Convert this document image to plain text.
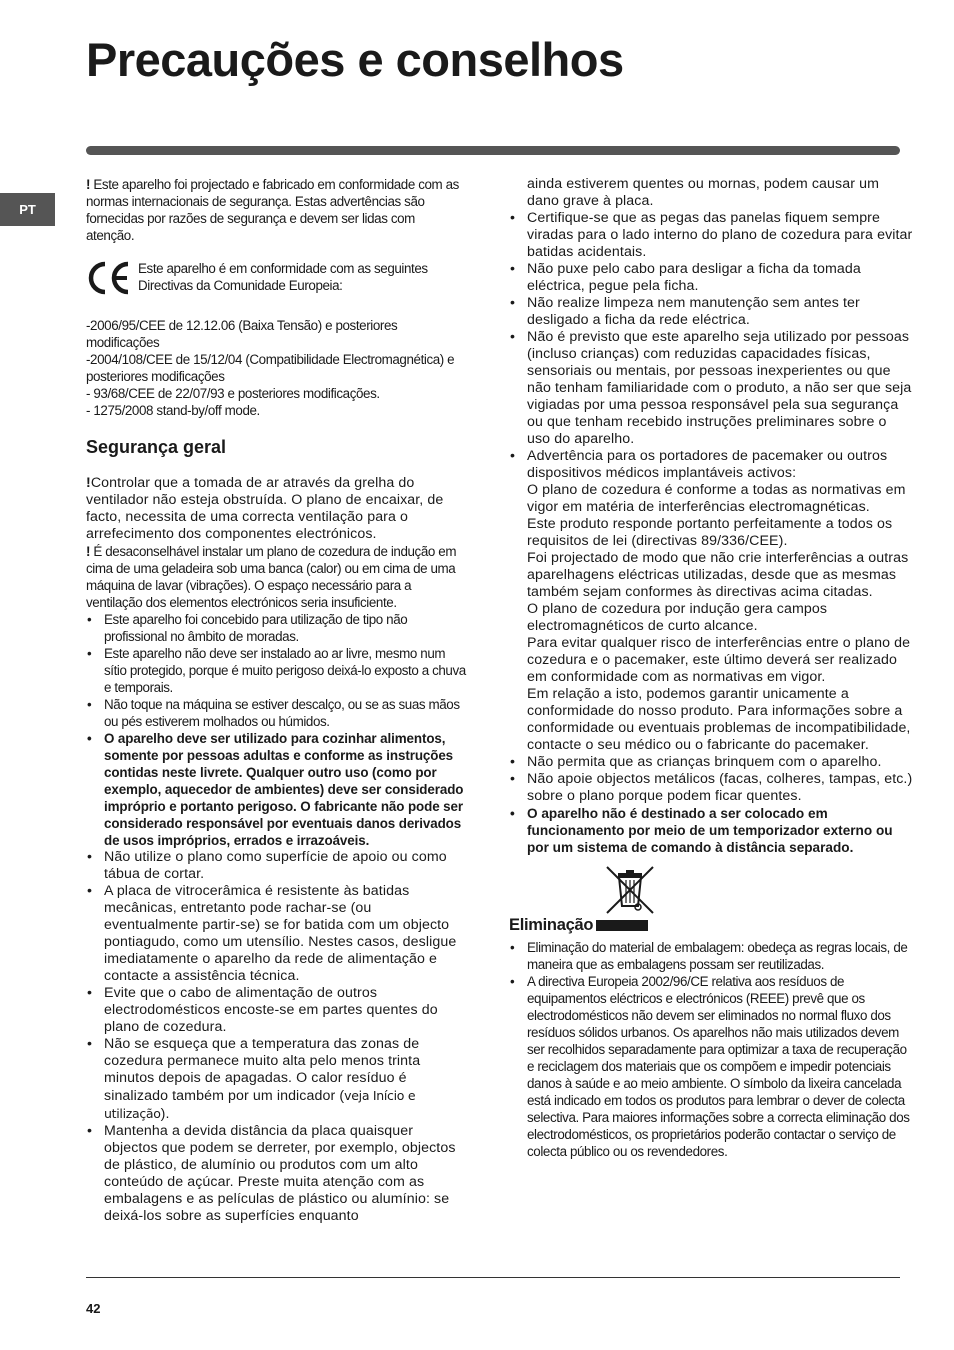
Precauções e conselhos
PT

! Este aparelho foi projectado e fabricado em conformidade com as normas internacionais de segurança. Estas advertências são fornecidas por razões de segurança e devem ser lidas com atenção.

Este aparelho é em conformidade com as seguintes Directivas da Comunidade Europeia:

-2006/95/CEE de 12.12.06 (Baixa Tensão) e posteriores modificações

-2004/108/CEE de 15/12/04 (Compatibilidade Electromagnética) e posteriores modificações

- 93/68/CEE de 22/07/93 e posteriores modificações.

- 1275/2008 stand-by/off mode.

Segurança geral

!Controlar que a tomada de ar através da grelha do ventilador não esteja obstruída. O plano de encaixar, de facto, necessita de uma correcta ventilação para o arrefecimento dos componentes electrónicos.

! É desaconselhável instalar um plano de cozedura de indução em cima de uma geladeira sob uma banca (calor) ou em cima de uma máquina de lavar (vibrações). O espaço necessário para a ventilação dos elementos electrónicos seria insuficiente.

• Este aparelho foi concebido para utilização de tipo não profissional no âmbito de moradas.
• Este aparelho não deve ser instalado ao ar livre, mesmo num sítio protegido, porque é muito perigoso deixá-lo exposto a chuva e temporais.
• Não toque na máquina se estiver descalço, ou se as suas mãos ou pés estiverem molhados ou húmidos.
• O aparelho deve ser utilizado para cozinhar alimentos, somente por pessoas adultas e conforme as instruções contidas neste livrete. Qualquer outro uso (como por exemplo, aquecedor de ambientes) deve ser considerado impróprio e portanto perigoso. O fabricante não pode ser considerado responsável por eventuais danos derivados de usos impróprios, errados e irrazoáveis.
• Não utilize o plano como superfície de apoio ou como tábua de cortar.
• A placa de vitrocerâmica é resistente às batidas mecânicas, entretanto pode rachar-se (ou eventualmente partir-se) se for batida com um objecto pontiagudo, como um utensílio. Nestes casos, desligue imediatamente o aparelho da rede de alimentação e contacte a assistência técnica.
• Evite que o cabo de alimentação de outros electrodomésticos encoste-se em partes quentes do plano de cozedura.
• Não se esqueça que a temperatura das zonas de cozedura permanece muito alta pelo menos trinta minutos depois de apagadas. O calor resíduo é sinalizado também por um indicador (veja Início e utilização).
• Mantenha a devida distância da placa quaisquer objectos que podem se derreter, por exemplo, objectos de plástico, de alumínio ou produtos com um alto conteúdo de açúcar. Preste muita atenção com as embalagens e as películas de plástico ou alumínio: se deixá-los sobre as superfícies enquanto

ainda estiverem quentes ou mornas, podem causar um dano grave à placa.

• Certifique-se que as pegas das panelas fiquem sempre viradas para o lado interno do plano de cozedura para evitar batidas acidentais.
• Não puxe pelo cabo para desligar a ficha da tomada eléctrica, pegue pela ficha.
• Não realize limpeza nem manutenção sem antes ter desligado a ficha da rede eléctrica.
• Não é previsto que este aparelho seja utilizado por pessoas (incluso crianças) com reduzidas capacidades físicas, sensoriais ou mentais, por pessoas inexperientes ou que não tenham familiaridade com o produto, a não ser que seja vigiadas por uma pessoa responsável pela sua segurança ou que tenham recebido instruções preliminares sobre o uso do aparelho.

• Advertência para os portadores de pacemaker ou outros dispositivos médicos implantáveis activos:

O plano de cozedura é conforme a todas as normativas em vigor em matéria de interferências electromagnéticas.

Este produto responde portanto perfeitamente a todos os requisitos de lei (directivas 89/336/CEE).

Foi projectado de modo que não crie interferências a outras aparelhagens eléctricas utilizadas, desde que as mesmas também sejam conformes às directivas acima citadas.

O plano de cozedura por indução gera campos electromagnéticos de curto alcance.

Para evitar qualquer risco de interferências entre o plano de cozedura e o pacemaker, este último deverá ser realizado em conformidade com as normativas em vigor.

Em relação a isto, podemos garantir unicamente a conformidade do nosso produto. Para informações sobre a conformidade ou eventuais problemas de incompatibilidade, contacte o seu médico ou o fabricante do pacemaker.

• Não permita que as crianças brinquem com o aparelho.
• Não apoie objectos metálicos (facas, colheres, tampas, etc.) sobre o plano porque podem ficar quentes.
• O aparelho não é destinado a ser colocado em funcionamento por meio de um temporizador externo ou por um sistema de comando à distância separado.
Eliminação
• Eliminação do material de embalagem: obedeça as regras locais, de maneira que as embalagens possam ser reutilizadas.
• A directiva Europeia 2002/96/CE relativa aos resíduos de equipamentos eléctricos e electrónicos (REEE) prevê que os electrodomésticos não devem ser eliminados no normal fluxo dos resíduos sólidos urbanos. Os aparelhos não mais utilizados devem ser recolhidos separadamente para optimizar a taxa de recuperação e reciclagem dos materiais que os compõem e impedir potenciais danos à saúde e ao meio ambiente. O símbolo da lixeira cancelada está indicado em todos os produtos para lembrar o dever de colecta selectiva. Para maiores informações sobre a correcta eliminação dos electrodomésticos, os proprietários poderão contactar o serviço de colecta público ou os revendedores.
42
